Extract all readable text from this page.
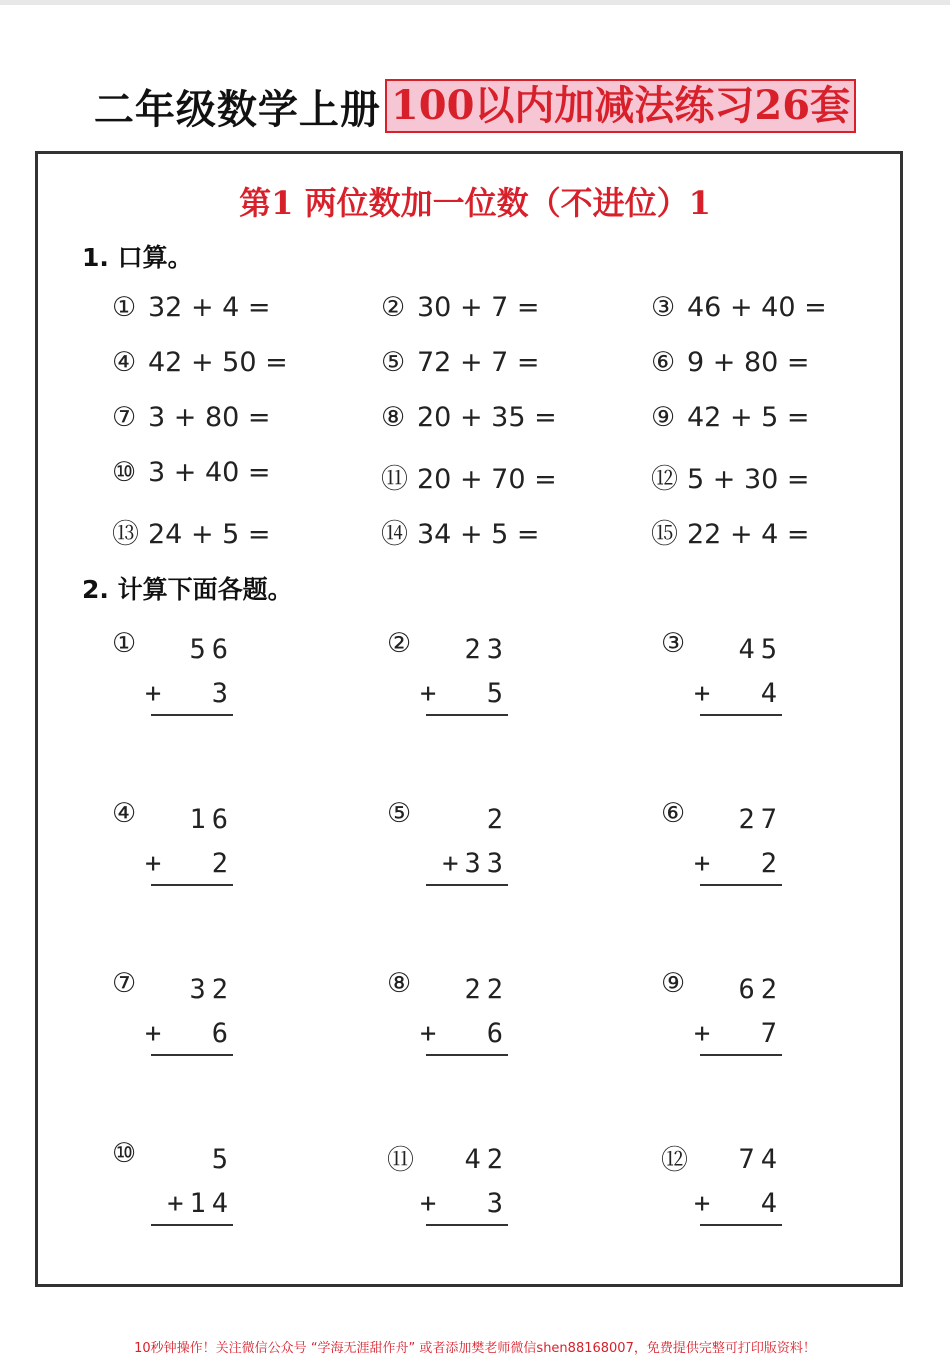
二年级数学上册 100以内加减法练习26套
第1 两位数加一位数（不进位）1
1. 口算。
2. 计算下面各题。
① 32 + 4 =	② 30 + 7 =	③ 46 + 40 =
④ 42 + 50 =	⑤ 72 + 7 =	⑥ 9 + 80 =
⑦ 3 + 80 =	⑧ 20 + 35 =	⑨ 42 + 5 =
⑩ 3 + 40 =	⑪ 20 + 70 =	⑫ 5 + 30 =
⑬ 24 + 5 =	⑭ 34 + 5 =	⑮ 22 + 4 =
① 56
+  3
② 23
+  5
③ 45
+  4
④ 16
+  2
⑤	2
+33
⑥ 27
+  2
⑦ 32
+  6
⑧ 22
+  6
⑨ 62
+  7
⑩	5
+14
⑪ 42
+  3
⑫ 74
+  4
10秒钟操作！关注微信公众号 “学海无涯甜作舟” 或者添加樊老师微信shen88168007，免费提供完整可打印版资料！
